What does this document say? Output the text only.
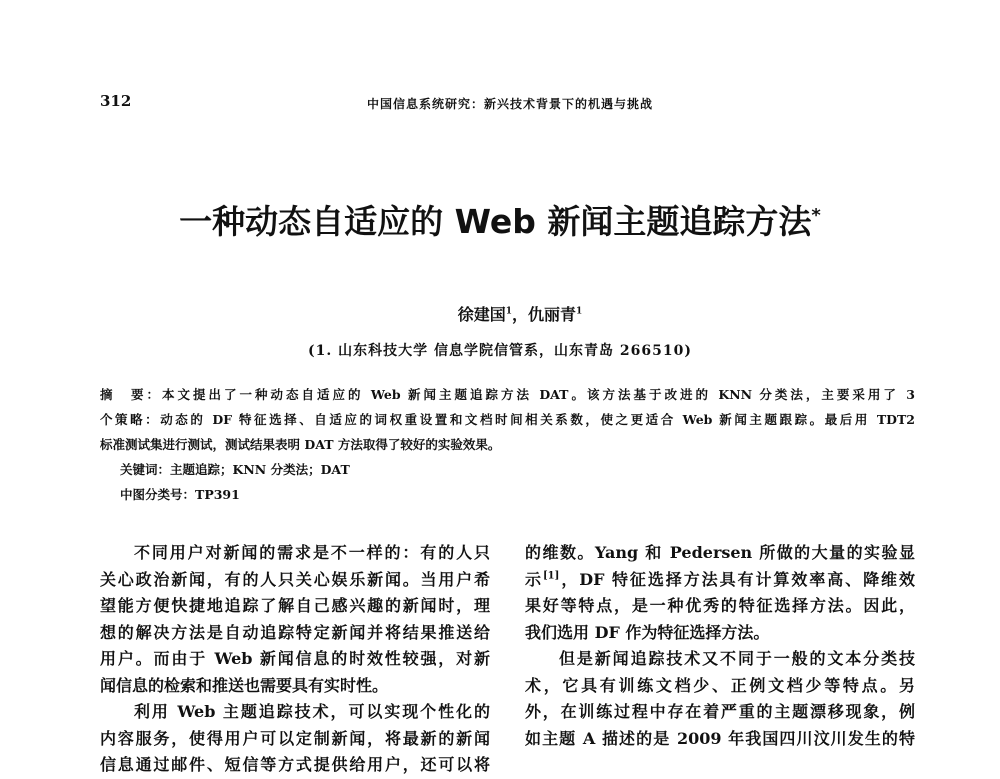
312	中国信息系统研究：新兴技术背景下的机遇与挑战
一种动态自适应的 Web 新闻主题追踪方法*
徐建国$^1$，仇丽青$^1$
(1. 山东科技大学 信息学院信管系，山东青岛 266510)
摘　要：本文提出了一种动态自适应的 Web 新闻主题追踪方法 DAT。该方法基于改进的 KNN 分类法，主要采用了 3
个策略：动态的 DF 特征选择、自适应的词权重设置和文档时间相关系数，使之更适合 Web 新闻主题跟踪。最后用 TDT2
标准测试集进行测试，测试结果表明 DAT 方法取得了较好的实验效果。
关键词：主题追踪；KNN 分类法；DAT
中图分类号：TP391
不同用户对新闻的需求是不一样的：有的人只
关心政治新闻，有的人只关心娱乐新闻。当用户希
望能方便快捷地追踪了解自己感兴趣的新闻时，理
想的解决方法是自动追踪特定新闻并将结果推送给
用户。而由于 Web 新闻信息的时效性较强，对新
闻信息的检索和推送也需要具有实时性。
利用 Web 主题追踪技术，可以实现个性化的
内容服务，使得用户可以定制新闻，将最新的新闻
信息通过邮件、短信等方式提供给用户，还可以将
的维数。Yang 和 Pedersen 所做的大量的实验显
示[1]，DF 特征选择方法具有计算效率高、降维效
果好等特点，是一种优秀的特征选择方法。因此，
我们选用 DF 作为特征选择方法。
但是新闻追踪技术又不同于一般的文本分类技
术，它具有训练文档少、正例文档少等特点。另
外，在训练过程中存在着严重的主题漂移现象，例
如主题 A 描述的是 2009 年我国四川汶川发生的特
